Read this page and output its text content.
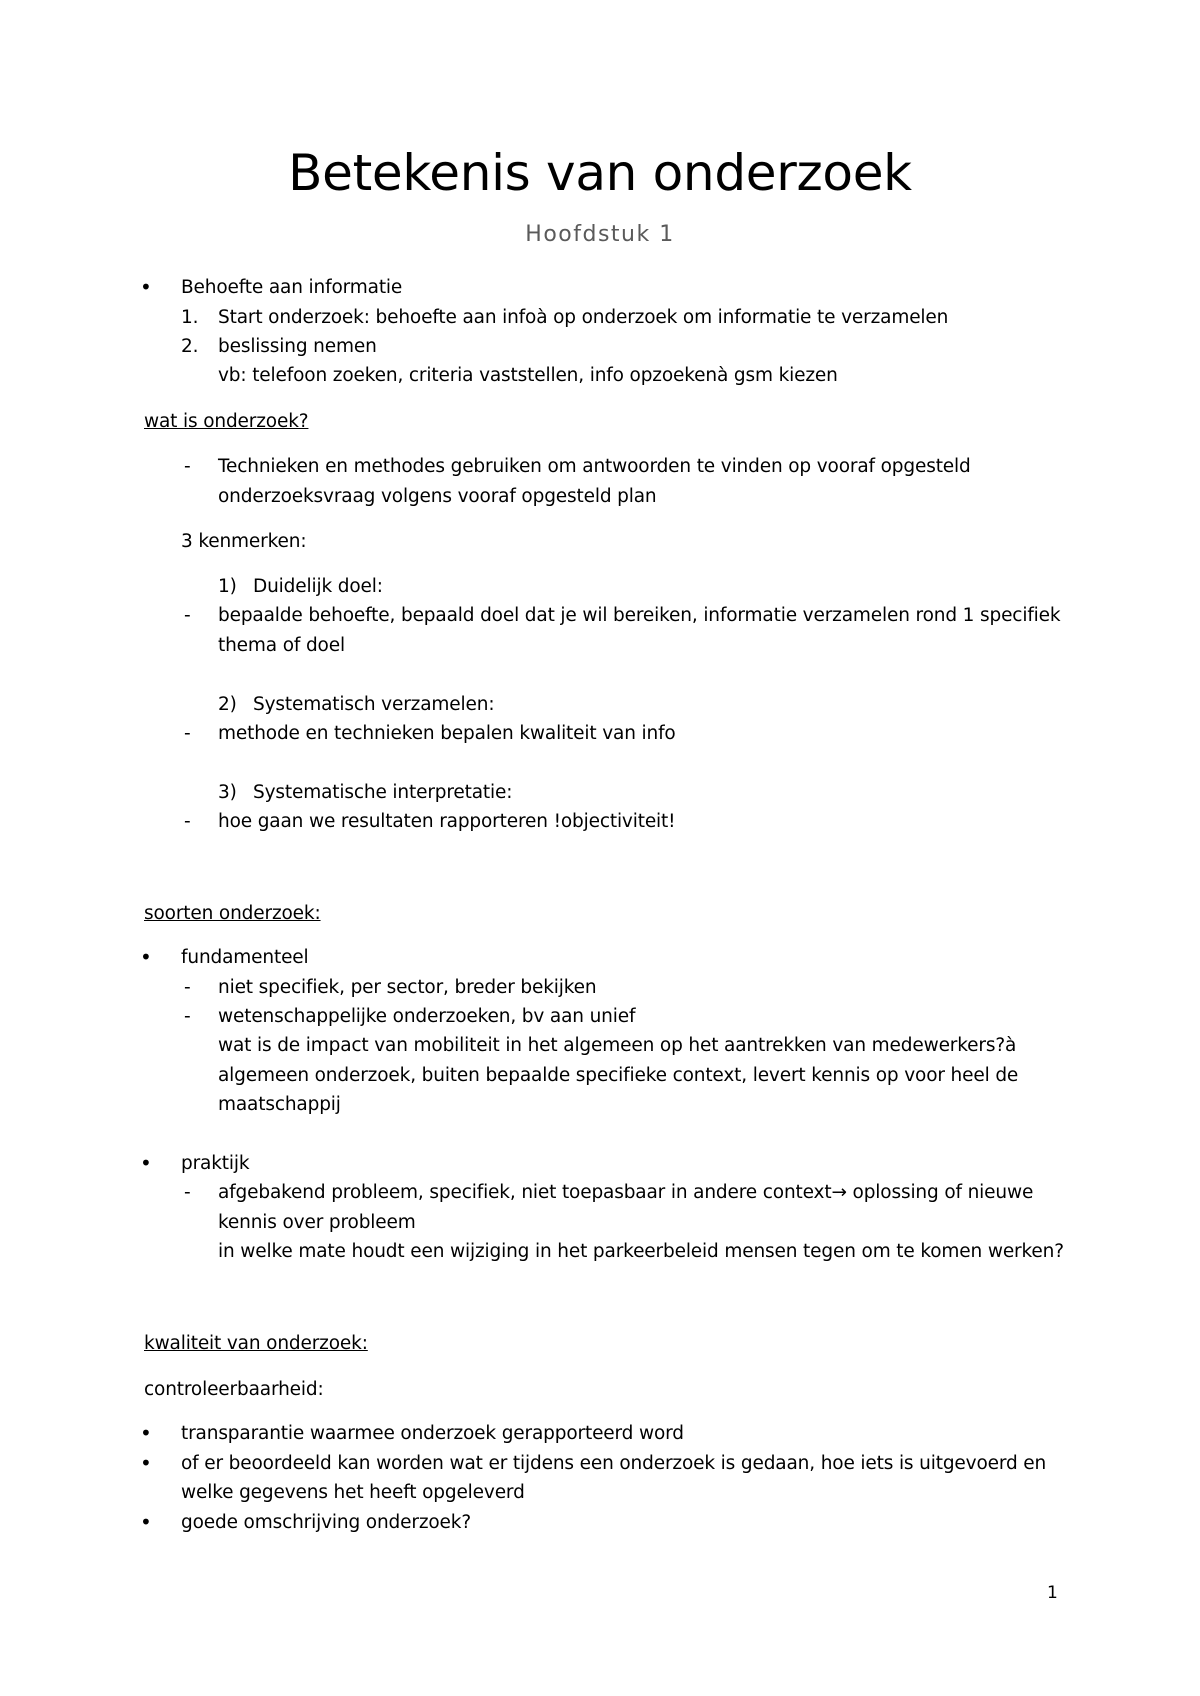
Betekenis van onderzoek
Hoofdstuk 1
• Behoefte aan informatie
1. Start onderzoek: behoefte aan infoà op onderzoek om informatie te verzamelen
2. beslissing nemen
vb: telefoon zoeken, criteria vaststellen, info opzoekenà gsm kiezen
wat is onderzoek?
- Technieken en methodes gebruiken om antwoorden te vinden op vooraf opgesteld
onderzoeksvraag volgens vooraf opgesteld plan
3 kenmerken:
1) Duidelijk doel:
- bepaalde behoefte, bepaald doel dat je wil bereiken, informatie verzamelen rond 1 specifiek
thema of doel
2) Systematisch verzamelen:
- methode en technieken bepalen kwaliteit van info
3) Systematische interpretatie:
- hoe gaan we resultaten rapporteren !objectiviteit!
soorten onderzoek:
• fundamenteel
- niet specifiek, per sector, breder bekijken
- wetenschappelijke onderzoeken, bv aan unief
wat is de impact van mobiliteit in het algemeen op het aantrekken van medewerkers?à
algemeen onderzoek, buiten bepaalde specifieke context, levert kennis op voor heel de
maatschappij
• praktijk
- afgebakend probleem, specifiek, niet toepasbaar in andere context→ oplossing of nieuwe
kennis over probleem
in welke mate houdt een wijziging in het parkeerbeleid mensen tegen om te komen werken?
kwaliteit van onderzoek:
controleerbaarheid:
• transparantie waarmee onderzoek gerapporteerd word
• of er beoordeeld kan worden wat er tijdens een onderzoek is gedaan, hoe iets is uitgevoerd en
welke gegevens het heeft opgeleverd
• goede omschrijving onderzoek?
1
